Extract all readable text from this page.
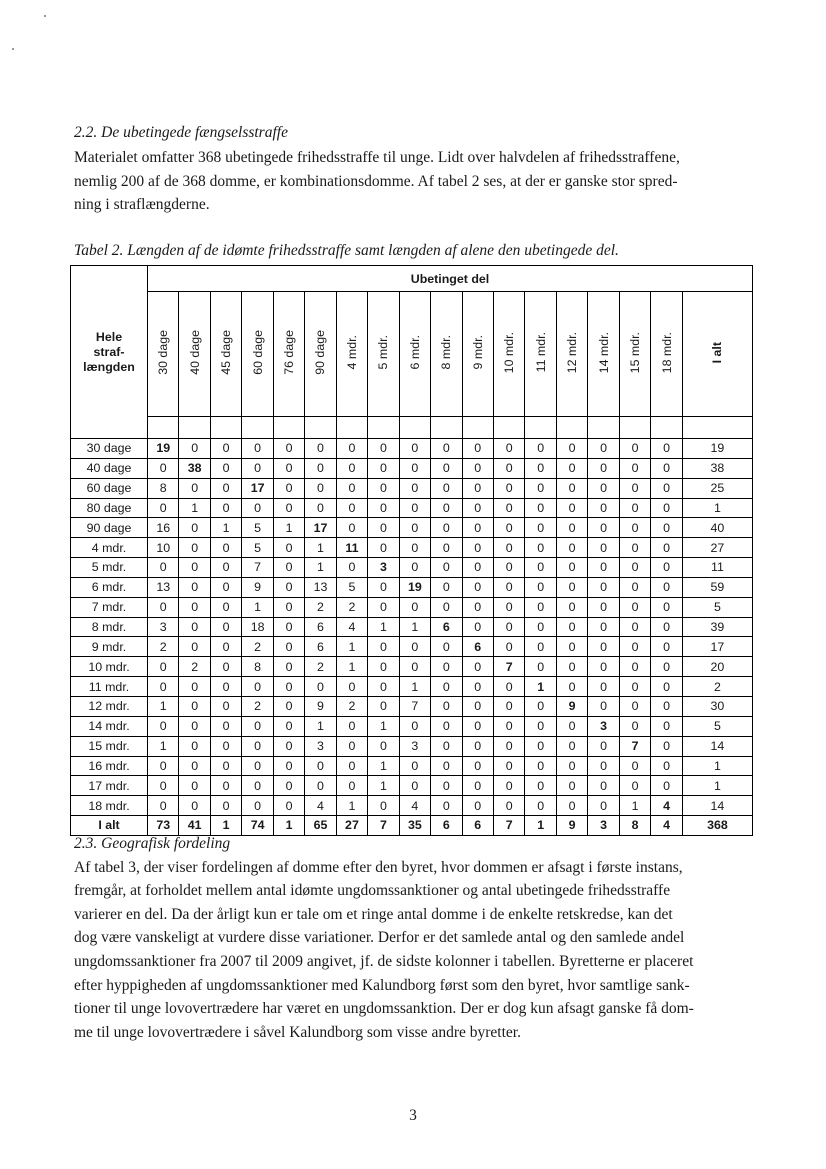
2.2. De ubetingede fængselsstraffe
Materialet omfatter 368 ubetingede frihedsstraffe til unge. Lidt over halvdelen af frihedsstraffene,
nemlig 200 af de 368 domme, er kombinationsdomme. Af tabel 2 ses, at der er ganske stor spred-
ning i straflængderne.
Tabel 2. Længden af de idømte frihedsstraffe samt længden af alene den ubetingede del.
Hele
straf-
længden	Ubetinget del																	
	30 dage	40 dage	45 dage	60 dage	76 dage	90 dage	4 mdr.	5 mdr.	6 mdr.	8 mdr.	9 mdr.	10 mdr.	11 mdr.	12 mdr.	14 mdr.	15 mdr.	18 mdr.	I alt

30 dage	19	0	0	0	0	0	0	0	0	0	0	0	0	0	0	0	0	19
40 dage	0	38	0	0	0	0	0	0	0	0	0	0	0	0	0	0	0	38
60 dage	8	0	0	17	0	0	0	0	0	0	0	0	0	0	0	0	0	25
80 dage	0	1	0	0	0	0	0	0	0	0	0	0	0	0	0	0	0	1
90 dage	16	0	1	5	1	17	0	0	0	0	0	0	0	0	0	0	0	40
4 mdr.	10	0	0	5	0	1	11	0	0	0	0	0	0	0	0	0	0	27
5 mdr.	0	0	0	7	0	1	0	3	0	0	0	0	0	0	0	0	0	11
6 mdr.	13	0	0	9	0	13	5	0	19	0	0	0	0	0	0	0	0	59
7 mdr.	0	0	0	1	0	2	2	0	0	0	0	0	0	0	0	0	0	5
8 mdr.	3	0	0	18	0	6	4	1	1	6	0	0	0	0	0	0	0	39
9 mdr.	2	0	0	2	0	6	1	0	0	0	6	0	0	0	0	0	0	17
10 mdr.	0	2	0	8	0	2	1	0	0	0	0	7	0	0	0	0	0	20
11 mdr.	0	0	0	0	0	0	0	0	1	0	0	0	1	0	0	0	0	2
12 mdr.	1	0	0	2	0	9	2	0	7	0	0	0	0	9	0	0	0	30
14 mdr.	0	0	0	0	0	1	0	1	0	0	0	0	0	0	3	0	0	5
15 mdr.	1	0	0	0	0	3	0	0	3	0	0	0	0	0	0	7	0	14
16 mdr.	0	0	0	0	0	0	0	1	0	0	0	0	0	0	0	0	0	1
17 mdr.	0	0	0	0	0	0	0	1	0	0	0	0	0	0	0	0	0	1
18 mdr.	0	0	0	0	0	4	1	0	4	0	0	0	0	0	0	1	4	14
I alt	73	41	1	74	1	65	27	7	35	6	6	7	1	9	3	8	4	368
2.3. Geografisk fordeling
Af tabel 3, der viser fordelingen af domme efter den byret, hvor dommen er afsagt i første instans,
fremgår, at forholdet mellem antal idømte ungdomssanktioner og antal ubetingede frihedsstraffe
varierer en del. Da der årligt kun er tale om et ringe antal domme i de enkelte retskredse, kan det
dog være vanskeligt at vurdere disse variationer. Derfor er det samlede antal og den samlede andel
ungdomssanktioner fra 2007 til 2009 angivet, jf. de sidste kolonner i tabellen. Byretterne er placeret
efter hyppigheden af ungdomssanktioner med Kalundborg først som den byret, hvor samtlige sank-
tioner til unge lovovertrædere har været en ungdomssanktion. Der er dog kun afsagt ganske få dom-
me til unge lovovertrædere i såvel Kalundborg som visse andre byretter.
3
